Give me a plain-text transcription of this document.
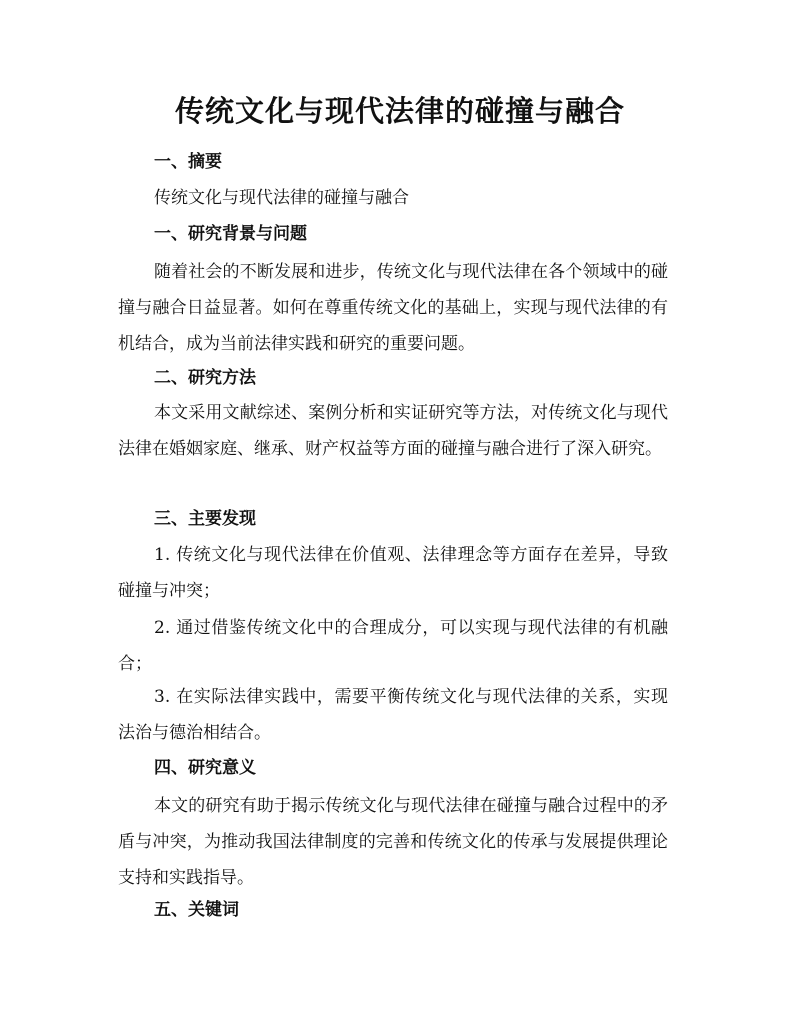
传统文化与现代法律的碰撞与融合
一、摘要
传统文化与现代法律的碰撞与融合
一、研究背景与问题

随着社会的不断发展和进步，传统文化与现代法律在各个领域中的碰撞与融合日益显著。如何在尊重传统文化的基础上，实现与现代法律的有机结合，成为当前法律实践和研究的重要问题。

二、研究方法

本文采用文献综述、案例分析和实证研究等方法，对传统文化与现代法律在婚姻家庭、继承、财产权益等方面的碰撞与融合进行了深入研究。

三、主要发现

1. 传统文化与现代法律在价值观、法律理念等方面存在差异，导致碰撞与冲突；

2. 通过借鉴传统文化中的合理成分，可以实现与现代法律的有机融合；

3. 在实际法律实践中，需要平衡传统文化与现代法律的关系，实现法治与德治相结合。

四、研究意义

本文的研究有助于揭示传统文化与现代法律在碰撞与融合过程中的矛盾与冲突，为推动我国法律制度的完善和传统文化的传承与发展提供理论支持和实践指导。

五、关键词
